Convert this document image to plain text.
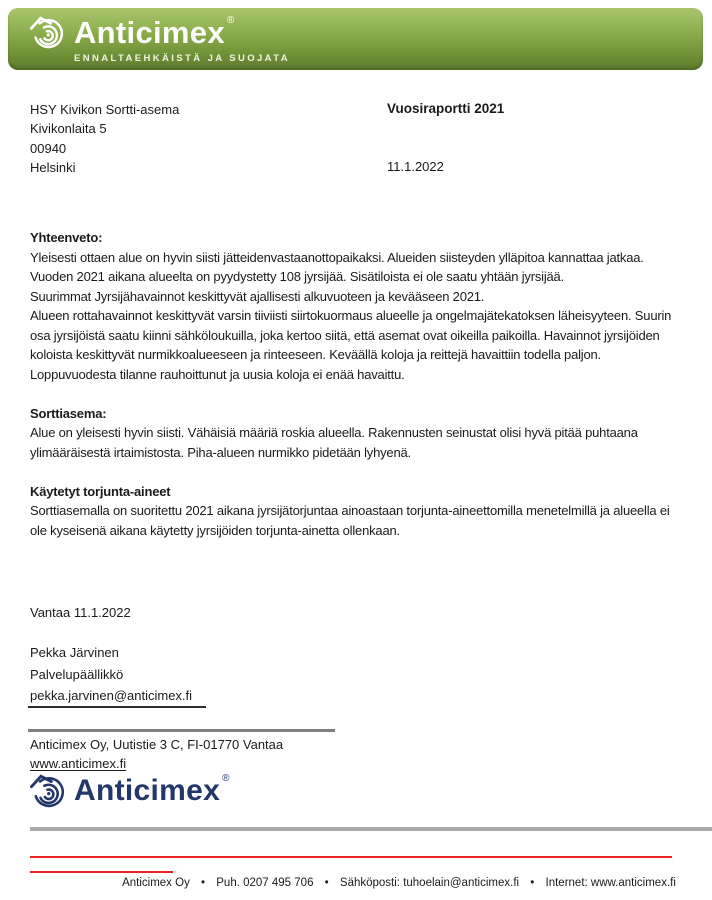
Anticimex ®
ENNALTAEHKÄISTÄ JA SUOJATA
HSY Kivikon Sortti-asema
Kivikonlaita 5
00940
Helsinki
Vuosiraportti 2021
11.1.2022
Yhteenveto:

Yleisesti ottaen alue on hyvin siisti jätteidenvastaanottopaikaksi. Alueiden siisteyden ylläpitoa kannattaa jatkaa.

Vuoden 2021 aikana alueelta on pyydystetty 108 jyrsijää. Sisätiloista ei ole saatu yhtään jyrsijää.

Suurimmat Jyrsijähavainnot keskittyvät ajallisesti alkuvuoteen ja kevääseen 2021.

Alueen rottahavainnot keskittyvät varsin tiiviisti siirtokuormaus alueelle ja ongelmajätekatoksen läheisyyteen. Suurin osa jyrsijöistä saatu kiinni sähköloukuilla, joka kertoo siitä, että asemat ovat oikeilla paikoilla. Havainnot jyrsijöiden koloista keskittyvät nurmikkoalueeseen ja rinteeseen. Keväällä koloja ja reittejä havaittiin todella paljon. Loppuvuodesta tilanne rauhoittunut ja uusia koloja ei enää havaittu.

Sorttiasema:

Alue on yleisesti hyvin siisti. Vähäisiä määriä roskia alueella. Rakennusten seinustat olisi hyvä pitää puhtaana ylimääräisestä irtaimistosta. Piha-alueen nurmikko pidetään lyhyenä.

Käytetyt torjunta-aineet

Sorttiasemalla on suoritettu 2021 aikana jyrsijätorjuntaa ainoastaan torjunta-aineettomilla menetelmillä ja alueella ei ole kyseisenä aikana käytetty jyrsijöiden torjunta-ainetta ollenkaan.

Vantaa 11.1.2022
Pekka Järvinen
Palvelupäällikkö
pekka.jarvinen@anticimex.fi
Anticimex Oy, Uutistie 3 C, FI-01770 Vantaa
www.anticimex.fi
Anticimex ®
Anticimex Oy • Puh. 0207 495 706 • Sähköposti: tuhoelain@anticimex.fi • Internet: www.anticimex.fi
